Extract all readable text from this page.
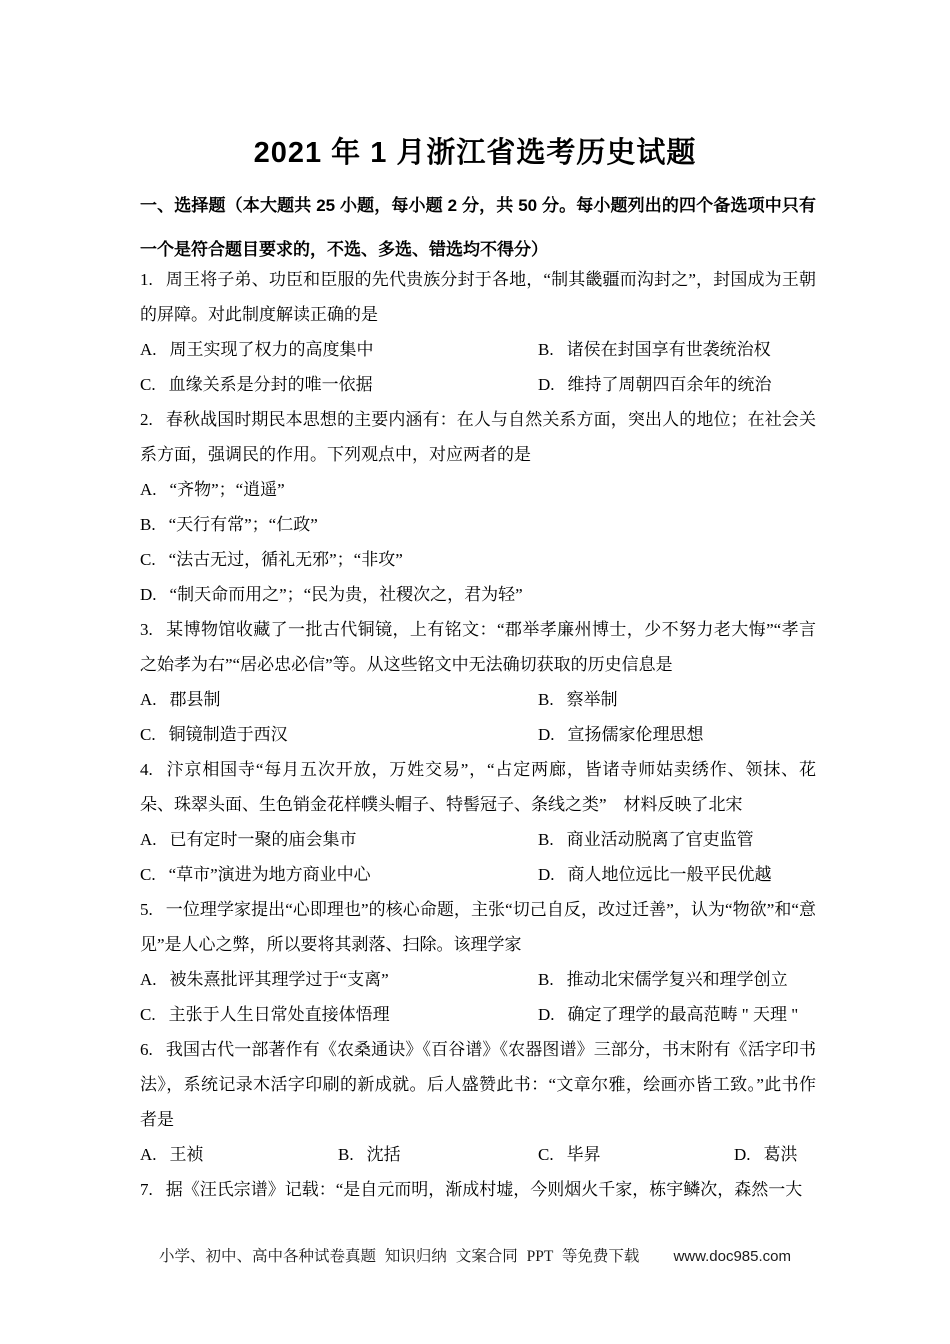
2021 年 1 月浙江省选考历史试题

一、选择题（本大题共 25 小题，每小题 2 分，共 50 分。每小题列出的四个备选项中只有一个是符合题目要求的，不选、多选、错选均不得分）

1. 周王将子弟、功臣和臣服的先代贵族分封于各地，“制其畿疆而沟封之”，封国成为王朝的屏障。对此制度解读正确的是

A. 周王实现了权力的高度集中	B. 诸侯在封国享有世袭统治权

C. 血缘关系是分封的唯一依据	D. 维持了周朝四百余年的统治

2. 春秋战国时期民本思想的主要内涵有：在人与自然关系方面，突出人的地位；在社会关系方面，强调民的作用。下列观点中，对应两者的是

A. “齐物”；“逍遥”

B. “天行有常”；“仁政”

C. “法古无过，循礼无邪”；“非攻”

D. “制天命而用之”；“民为贵，社稷次之，君为轻”

3. 某博物馆收藏了一批古代铜镜，上有铭文：“郡举孝廉州博士，少不努力老大悔”“孝言之始孝为右”“居必忠必信”等。从这些铭文中无法确切获取的历史信息是

A. 郡县制	B. 察举制

C. 铜镜制造于西汉	D. 宣扬儒家伦理思想

4. 汴京相国寺“每月五次开放，万姓交易”，“占定两廊，皆诸寺师姑卖绣作、领抹、花朵、珠翠头面、生色销金花样幞头帽子、特髻冠子、条线之类”　材料反映了北宋

A. 已有定时一聚的庙会集市	B. 商业活动脱离了官吏监管

C. “草市”演进为地方商业中心	D. 商人地位远比一般平民优越

5. 一位理学家提出“心即理也”的核心命题，主张“切己自反，改过迁善”，认为“物欲”和“意见”是人心之弊，所以要将其剥落、扫除。该理学家

A. 被朱熹批评其理学过于“支离”	B. 推动北宋儒学复兴和理学创立

C. 主张于人生日常处直接体悟理	D. 确定了理学的最高范畴 " 天理 "

6. 我国古代一部著作有《农桑通诀》《百谷谱》《农器图谱》三部分，书末附有《活字印书法》，系统记录木活字印刷的新成就。后人盛赞此书：“文章尔雅，绘画亦皆工致。”此书作者是

A. 王祯	B. 沈括	C. 毕昇	D. 葛洪

7. 据《汪氏宗谱》记载：“是自元而明，渐成村墟，今则烟火千家，栋宇鳞次，森然一大

小学、初中、高中各种试卷真题 知识归纳 文案合同 PPT 等免费下载 www.doc985.com
